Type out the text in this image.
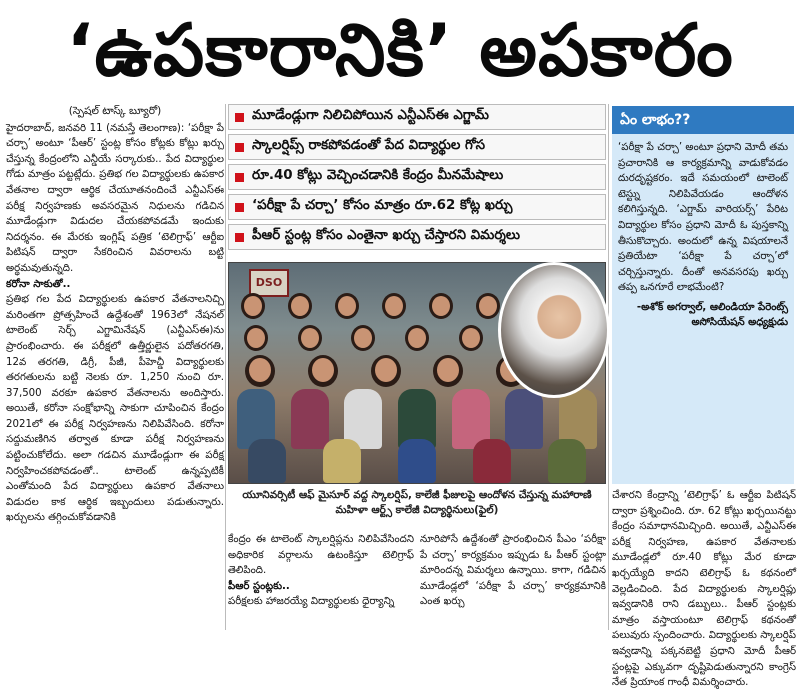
‘ఉపకారానికి’ అపకారం
(స్పెషల్ టాస్క్ బ్యూరో)

హైదరాబాద్, జనవరి 11 (నమస్తే తెలంగాణ): ‘పరీక్షా పే చర్చా’ అంటూ ‘పీఆర్’ స్టంట్ల కోసం కోట్లకు కోట్లు ఖర్చు చేస్తున్న కేంద్రంలోని ఎన్డీయే సర్కారుకు.. పేద విద్యార్థుల గోడు మాత్రం పట్టట్లేదు. ప్రతిభ గల విద్యార్థులకు ఉపకార వేతనాల ద్వారా ఆర్థిక చేయూతనందించే ఎన్టీఎస్ఈ పరీక్ష నిర్వహణకు అవసరమైన నిధులను గడిచిన మూడేండ్లుగా విడుదల చేయకపోవడమే ఇందుకు నిదర్శనం. ఈ మేరకు ఇంగ్లిష్ పత్రిక ‘టెలిగ్రాఫ్’ ఆర్టీఐ పిటిషన్ ద్వారా సేకరించిన వివరాలను బట్టి అర్థమవుతున్నది.

కరోనా సాకుతో..

ప్రతిభ గల పేద విద్యార్థులకు ఉపకార వేతనాలనిచ్చి మరింతగా ప్రోత్సహించే ఉద్దేశంతో 1963లో నేషనల్ టాలెంట్ సెర్చ్ ఎగ్జామినేషన్ (ఎన్టీఎస్ఈ)ను ప్రారంభించారు. ఈ పరీక్షలో ఉత్తీర్ణులైన పదోతరగతి, 12వ తరగతి, డిగ్రీ, పీజీ, పీహెచ్డీ విద్యార్థులకు తరగతులను బట్టి నెలకు రూ. 1,250 నుంచి రూ. 37,500 వరకూ ఉపకార వేతనాలను అందిస్తారు. అయితే, కరోనా సంక్షోభాన్ని సాకుగా చూపించిన కేంద్రం 2021లో ఈ పరీక్ష నిర్వహణను నిలిపివేసింది. కరోనా సద్దుమణిగిన తర్వాత కూడా పరీక్ష నిర్వహణను పట్టించుకోలేదు. అలా గడచిన మూడేండ్లుగా ఈ పరీక్ష నిర్వహించకపోవడంతో.. టాలెంట్ ఉన్నప్పటికీ ఎంతోమంది పేద విద్యార్థులు ఉపకార వేతనాలు విడుదల కాక ఆర్థిక ఇబ్బందులు పడుతున్నారు. ఖర్చులను తగ్గించుకోవడానికి

మూడేండ్లుగా నిలిచిపోయిన ఎన్టీఎస్ఈ ఎగ్జామ్
స్కాలర్షిప్స్ రాకపోవడంతో పేద విద్యార్థుల గోస
రూ.40 కోట్లు వెచ్చించడానికి కేంద్రం మీనమేషాలు
‘పరీక్షా పే చర్చా’ కోసం మాత్రం రూ.62 కోట్ల ఖర్చు
పీఆర్ స్టంట్ల కోసం ఎంతైనా ఖర్చు చేస్తారని విమర్శలు
DSO
యూనివర్సిటీ ఆఫ్ మైసూర్ వద్ద స్కాలర్షిప్, కాలేజీ ఫీజులపై ఆందోళన చేస్తున్న మహారాణి మహిళా ఆర్ట్స్ కాలేజీ విద్యార్థినులు(ఫైల్)

కేంద్రం ఈ టాలెంట్ స్కాలర్షిప్లను నిలిపివేసిందని అధికారిక వర్గాలను ఉటంకిస్తూ టెలిగ్రాఫ్ తెలిపింది.

పీఆర్ స్టంట్లకు..

పరీక్షలకు హాజరయ్యే విద్యార్థులకు ధైర్యాన్ని

నూరిపోసే ఉద్దేశంతో ప్రారంభించిన పీఎం ‘పరీక్షా పే చర్చా’ కార్యక్రమం ఇప్పుడు ఓ పీఆర్ స్టంట్లా మారిందన్న విమర్శలు ఉన్నాయి. కాగా, గడిచిన మూడేండ్లలో ‘పరీక్షా పే చర్చా’ కార్యక్రమానికి ఎంత ఖర్చు

ఏం లాభం??

‘పరీక్షా పే చర్చా’ అంటూ ప్రధాని మోదీ తమ ప్రచారానికి ఆ కార్యక్రమాన్ని వాడుకోవడం దురదృష్టకరం. ఇదే సమయంలో టాలెంట్ టెస్ట్ను నిలిపివేయడం ఆందోళన కలిగిస్తున్నది. ‘ఎగ్జామ్ వారియర్స్’ పేరిట విద్యార్థుల కోసం ప్రధాని మోదీ ఓ పుస్తకాన్ని తీసుకొచ్చారు. అందులో ఉన్న విషయాలనే ప్రతియేటా ‘పరీక్షా పే చర్చా’లో చర్చిస్తున్నారు. దీంతో అనవసరపు ఖర్చు తప్ప ఒనగూరే లాభమేంటి?

-అశోక్ అగర్వాల్, ఆలిండియా పేరెంట్స్ అసోసియేషన్ అధ్యక్షుడు

చేశారని కేంద్రాన్ని ‘టెలిగ్రాఫ్’ ఓ ఆర్టీఐ పిటిషన్ ద్వారా ప్రశ్నించింది. రూ. 62 కోట్లు ఖర్చయినట్టు కేంద్రం సమాధానమిచ్చింది. అయితే, ఎన్టీఎస్ఈ పరీక్ష నిర్వహణ, ఉపకార వేతనాలకు మూడేండ్లలో రూ.40 కోట్లు మేర కూడా ఖర్చయ్యేది కాదని టెలిగ్రాఫ్ ఓ కథనంలో వెల్లడించింది. పేద విద్యార్థులకు స్కాలర్షిప్లు ఇవ్వడానికి రాని డబ్బులు.. పీఆర్ స్టంట్లకు మాత్రం వస్తాయంటూ టెలిగ్రాఫ్ కథనంతో పలువురు స్పందించారు. విద్యార్థులకు స్కాలర్షిప్ ఇవ్వడాన్ని పక్కనబెట్టి ప్రధాని మోదీ పీఆర్ స్టంట్లపై ఎక్కువగా దృష్టిపెడుతున్నారని కాంగ్రెస్ నేత ప్రియాంక గాంధీ విమర్శించారు.
